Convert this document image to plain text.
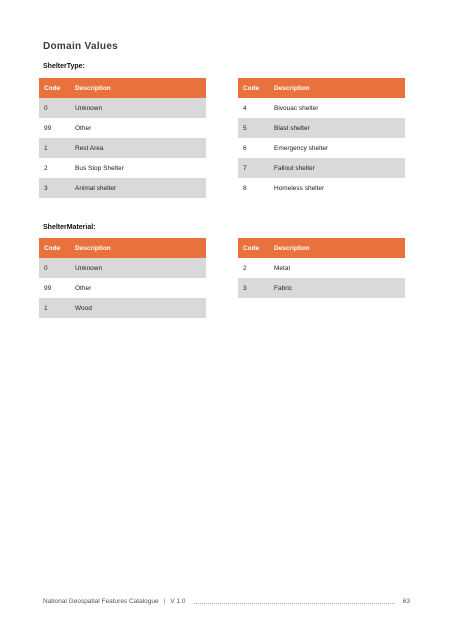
Domain Values
ShelterType:
Code	Description
0	Unknown
99	Other
1	Rest Area
2	Bus Stop Shelter
3	Animal shelter
Code	Description
4	Bivouac shelter
5	Blast shelter
6	Emergency shelter
7	Fallout shelter
8	Homeless shelter
ShelterMaterial:
Code	Description
0	Unknown
99	Other
1	Wood
Code	Description
2	Metal
3	Fabric
National Geospatial Features Catalogue | V 1.0	63
